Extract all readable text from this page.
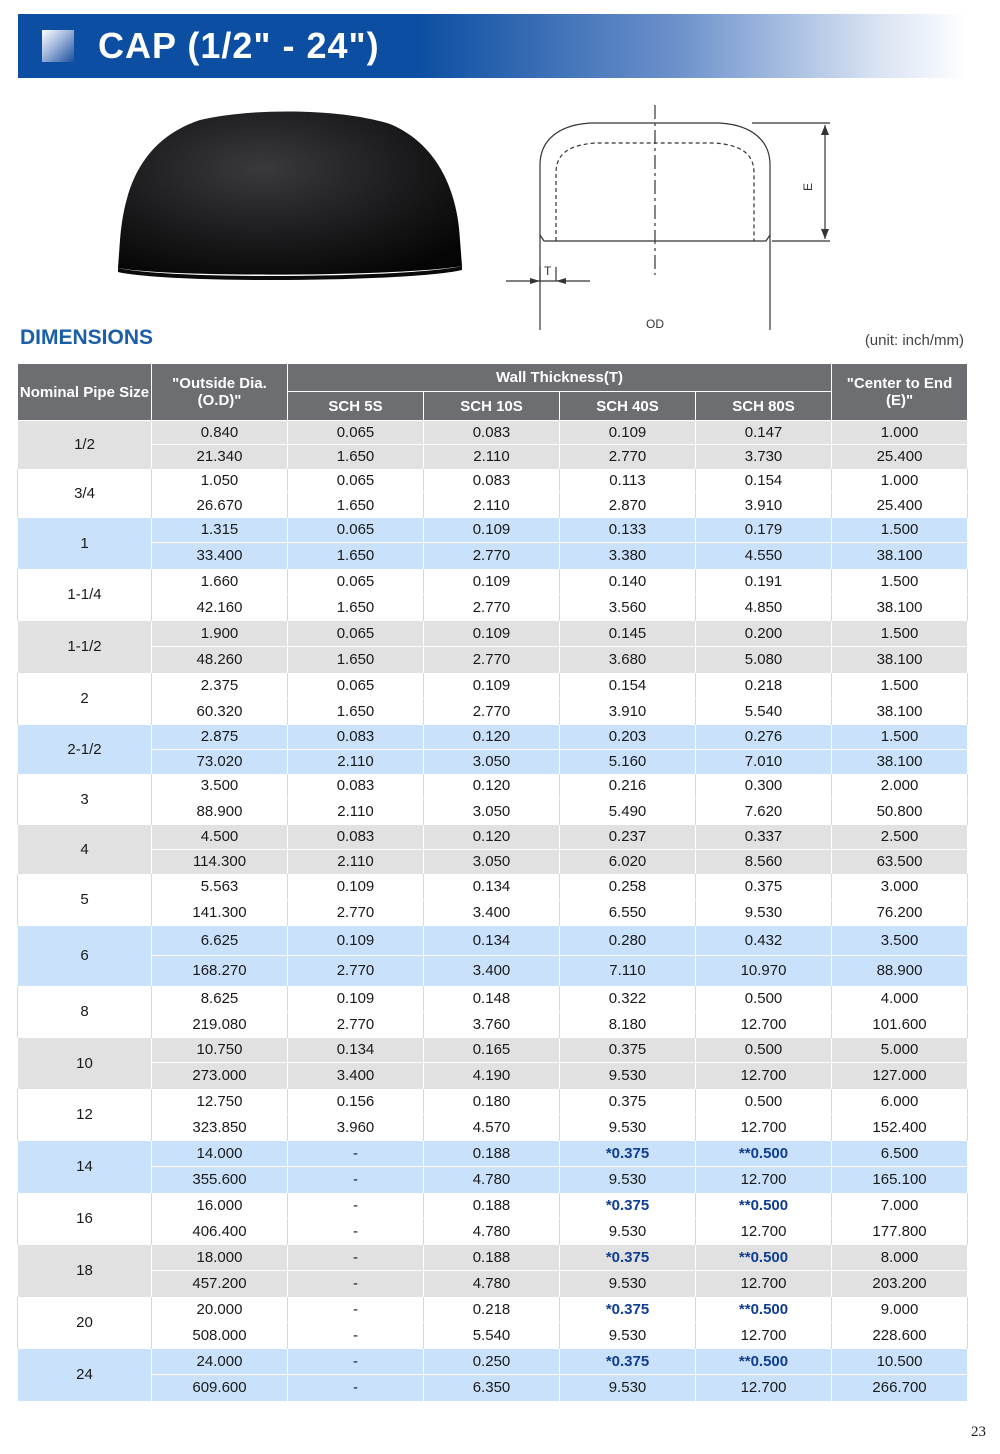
CAP (1/2" - 24")
E
T
OD
DIMENSIONS	(unit: inch/mm)
Nominal Pipe Size	"Outside Dia. (O.D)"	Wall Thickness(T)				"Center to End (E)"
		SCH 5S	SCH 10S	SCH 40S	SCH 80S	
1/2	0.840	0.065	0.083	0.109	0.147	1.000
	21.340	1.650	2.110	2.770	3.730	25.400
3/4	1.050	0.065	0.083	0.113	0.154	1.000
	26.670	1.650	2.110	2.870	3.910	25.400
1	1.315	0.065	0.109	0.133	0.179	1.500
	33.400	1.650	2.770	3.380	4.550	38.100
1-1/4	1.660	0.065	0.109	0.140	0.191	1.500
	42.160	1.650	2.770	3.560	4.850	38.100
1-1/2	1.900	0.065	0.109	0.145	0.200	1.500
	48.260	1.650	2.770	3.680	5.080	38.100
2	2.375	0.065	0.109	0.154	0.218	1.500
	60.320	1.650	2.770	3.910	5.540	38.100
2-1/2	2.875	0.083	0.120	0.203	0.276	1.500
	73.020	2.110	3.050	5.160	7.010	38.100
3	3.500	0.083	0.120	0.216	0.300	2.000
	88.900	2.110	3.050	5.490	7.620	50.800
4	4.500	0.083	0.120	0.237	0.337	2.500
	114.300	2.110	3.050	6.020	8.560	63.500
5	5.563	0.109	0.134	0.258	0.375	3.000
	141.300	2.770	3.400	6.550	9.530	76.200
6	6.625	0.109	0.134	0.280	0.432	3.500
	168.270	2.770	3.400	7.110	10.970	88.900
8	8.625	0.109	0.148	0.322	0.500	4.000
	219.080	2.770	3.760	8.180	12.700	101.600
10	10.750	0.134	0.165	0.375	0.500	5.000
	273.000	3.400	4.190	9.530	12.700	127.000
12	12.750	0.156	0.180	0.375	0.500	6.000
	323.850	3.960	4.570	9.530	12.700	152.400
14	14.000	-	0.188	*0.375	**0.500	6.500
	355.600	-	4.780	9.530	12.700	165.100
16	16.000	-	0.188	*0.375	**0.500	7.000
	406.400	-	4.780	9.530	12.700	177.800
18	18.000	-	0.188	*0.375	**0.500	8.000
	457.200	-	4.780	9.530	12.700	203.200
20	20.000	-	0.218	*0.375	**0.500	9.000
	508.000	-	5.540	9.530	12.700	228.600
24	24.000	-	0.250	*0.375	**0.500	10.500
	609.600	-	6.350	9.530	12.700	266.700
23
